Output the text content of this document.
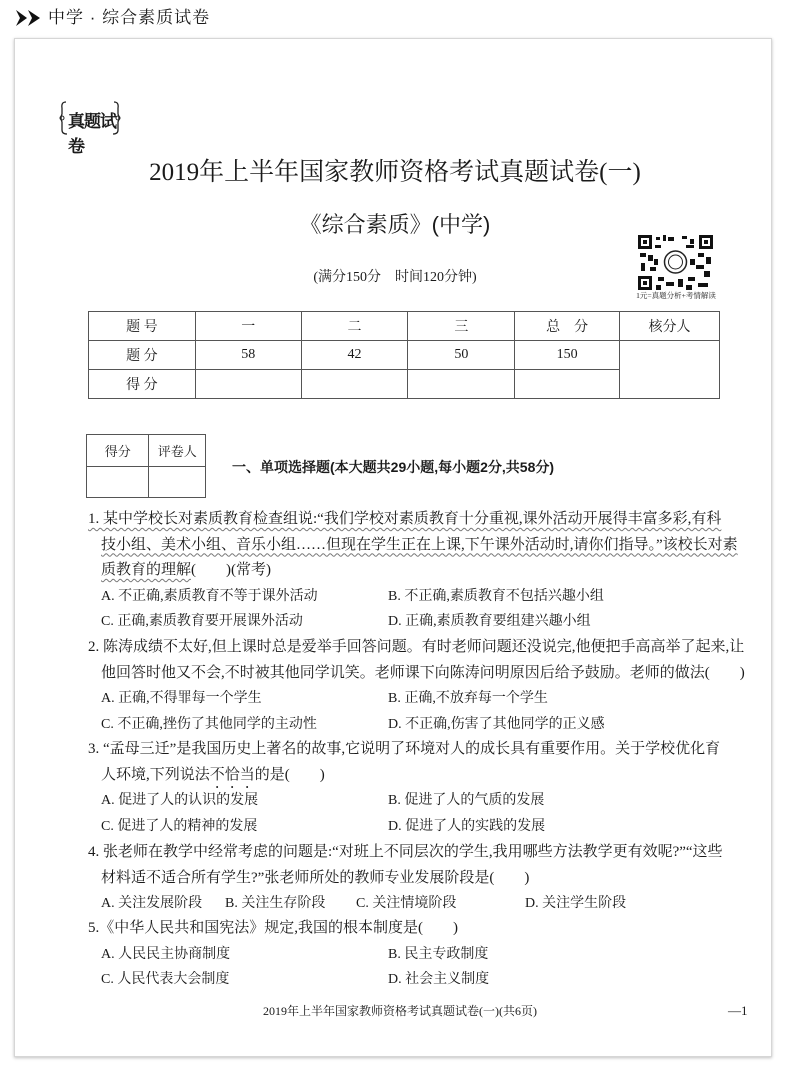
中学 · 综合素质试卷
真题试卷
2019年上半年国家教师资格考试真题试卷(一)
《综合素质》(中学)
(满分150分　时间120分钟)
1元=真题分析+考情解读
题 号	一	二	三	总　分	核分人
题 分	58	42	50	150	
得 分					
得分	评卷人

一、单项选择题(本大题共29小题,每小题2分,共58分)
1. 某中学校长对素质教育检查组说:“我们学校对素质教育十分重视,课外活动开展得丰富多彩,有科
技小组、美术小组、音乐小组……但现在学生正在上课,下午课外活动时,请你们指导。”该校长对素
质教育的理解(　　)(常考)
A. 不正确,素质教育不等于课外活动	B. 不正确,素质教育不包括兴趣小组
C. 正确,素质教育要开展课外活动	D. 正确,素质教育要组建兴趣小组
2. 陈涛成绩不太好,但上课时总是爱举手回答问题。有时老师问题还没说完,他便把手高高举了起来,让
他回答时他又不会,不时被其他同学讥笑。老师课下向陈涛问明原因后给予鼓励。老师的做法(　　)
A. 正确,不得罪每一个学生	B. 正确,不放弃每一个学生
C. 不正确,挫伤了其他同学的主动性	D. 不正确,伤害了其他同学的正义感
3. “孟母三迁”是我国历史上著名的故事,它说明了环境对人的成长具有重要作用。关于学校优化育
人环境,下列说法不恰当的是(　　)
A. 促进了人的认识的发展	B. 促进了人的气质的发展
C. 促进了人的精神的发展	D. 促进了人的实践的发展
4. 张老师在教学中经常考虑的问题是:“对班上不同层次的学生,我用哪些方法教学更有效呢?”“这些
材料适不适合所有学生?”张老师所处的教师专业发展阶段是(　　)
A. 关注发展阶段 B. 关注生存阶段 C. 关注情境阶段	D. 关注学生阶段
5.《中华人民共和国宪法》规定,我国的根本制度是(　　)
A. 人民民主协商制度	B. 民主专政制度
C. 人民代表大会制度	D. 社会主义制度
2019年上半年国家教师资格考试真题试卷(一)(共6页)	—1
